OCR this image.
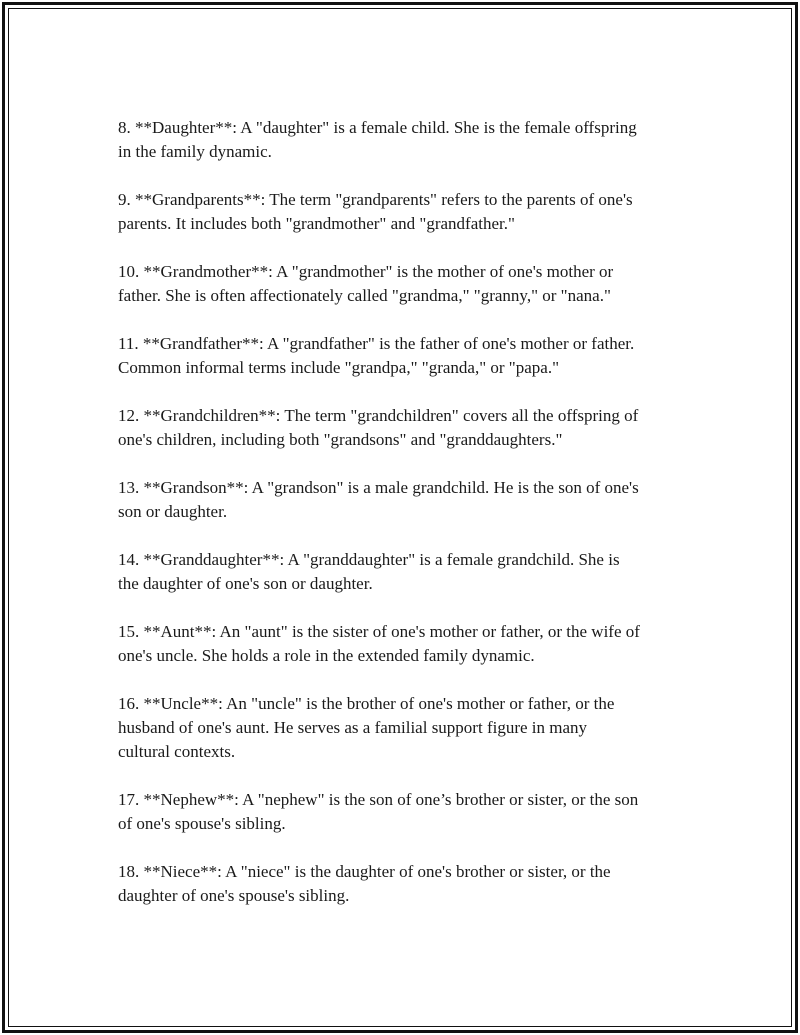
8. **Daughter**: A "daughter" is a female child. She is the female offspring
in the family dynamic.

9. **Grandparents**: The term "grandparents" refers to the parents of one's
parents. It includes both "grandmother" and "grandfather."

10. **Grandmother**: A "grandmother" is the mother of one's mother or
father. She is often affectionately called "grandma," "granny," or "nana."

11. **Grandfather**: A "grandfather" is the father of one's mother or father.
Common informal terms include "grandpa," "granda," or "papa."

12. **Grandchildren**: The term "grandchildren" covers all the offspring of
one's children, including both "grandsons" and "granddaughters."

13. **Grandson**: A "grandson" is a male grandchild. He is the son of one's
son or daughter.

14. **Granddaughter**: A "granddaughter" is a female grandchild. She is
the daughter of one's son or daughter.

15. **Aunt**: An "aunt" is the sister of one's mother or father, or the wife of
one's uncle. She holds a role in the extended family dynamic.

16. **Uncle**: An "uncle" is the brother of one's mother or father, or the
husband of one's aunt. He serves as a familial support figure in many
cultural contexts.

17. **Nephew**: A "nephew" is the son of one’s brother or sister, or the son
of one's spouse's sibling.

18. **Niece**: A "niece" is the daughter of one's brother or sister, or the
daughter of one's spouse's sibling.
